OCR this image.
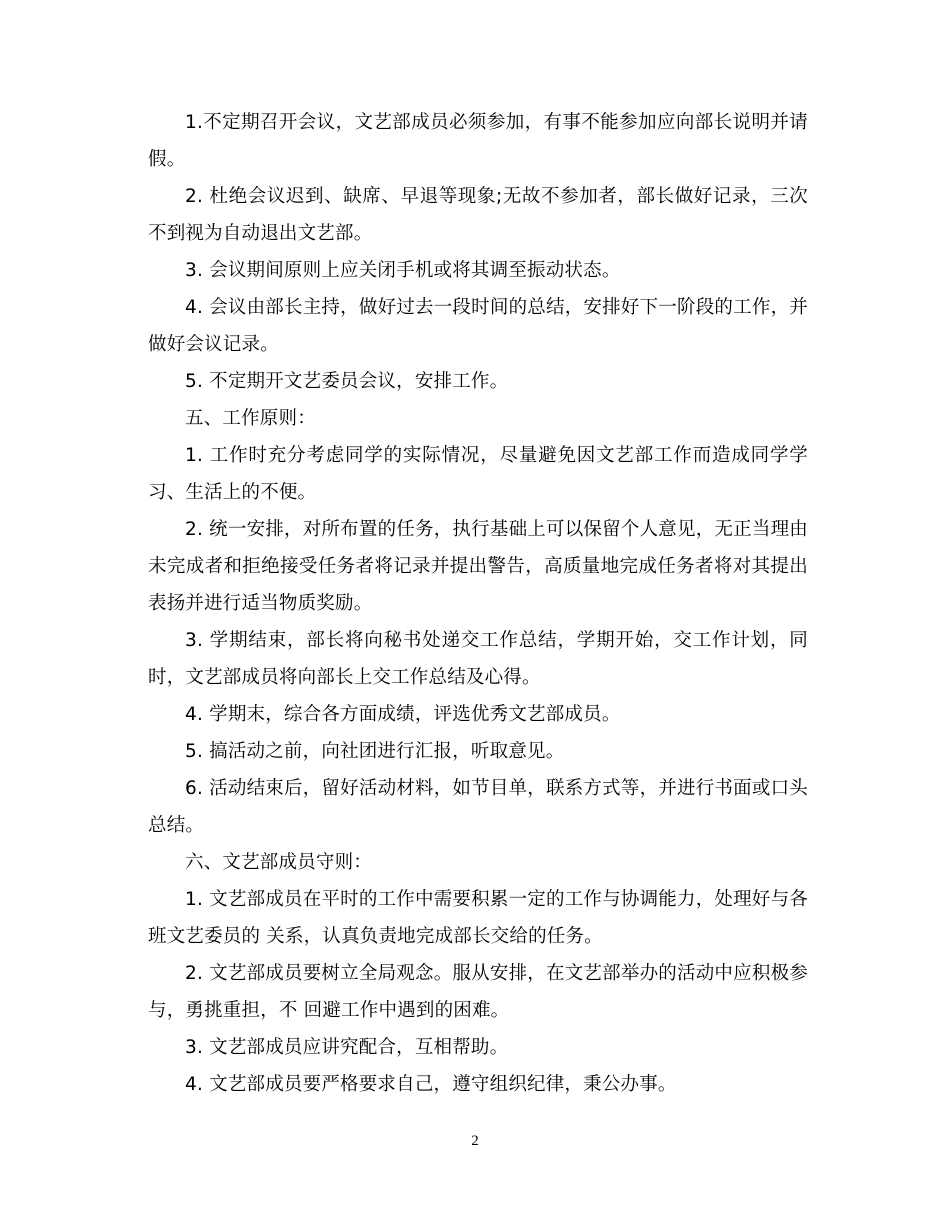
1.不定期召开会议，文艺部成员必须参加，有事不能参加应向部长说明并请假。

2. 杜绝会议迟到、缺席、早退等现象;无故不参加者，部长做好记录，三次不到视为自动退出文艺部。

3. 会议期间原则上应关闭手机或将其调至振动状态。

4. 会议由部长主持，做好过去一段时间的总结，安排好下一阶段的工作，并做好会议记录。

5. 不定期开文艺委员会议，安排工作。

五、工作原则：

1. 工作时充分考虑同学的实际情况，尽量避免因文艺部工作而造成同学学习、生活上的不便。

2. 统一安排，对所布置的任务，执行基础上可以保留个人意见，无正当理由未完成者和拒绝接受任务者将记录并提出警告，高质量地完成任务者将对其提出表扬并进行适当物质奖励。

3. 学期结束，部长将向秘书处递交工作总结，学期开始，交工作计划，同时，文艺部成员将向部长上交工作总结及心得。

4. 学期末，综合各方面成绩，评选优秀文艺部成员。

5. 搞活动之前，向社团进行汇报，听取意见。

6. 活动结束后，留好活动材料，如节目单，联系方式等，并进行书面或口头总结。

六、文艺部成员守则：

1. 文艺部成员在平时的工作中需要积累一定的工作与协调能力，处理好与各班文艺委员的 关系，认真负责地完成部长交给的任务。

2. 文艺部成员要树立全局观念。服从安排，在文艺部举办的活动中应积极参与，勇挑重担，不 回避工作中遇到的困难。

3. 文艺部成员应讲究配合，互相帮助。

4. 文艺部成员要严格要求自己，遵守组织纪律，秉公办事。

2
